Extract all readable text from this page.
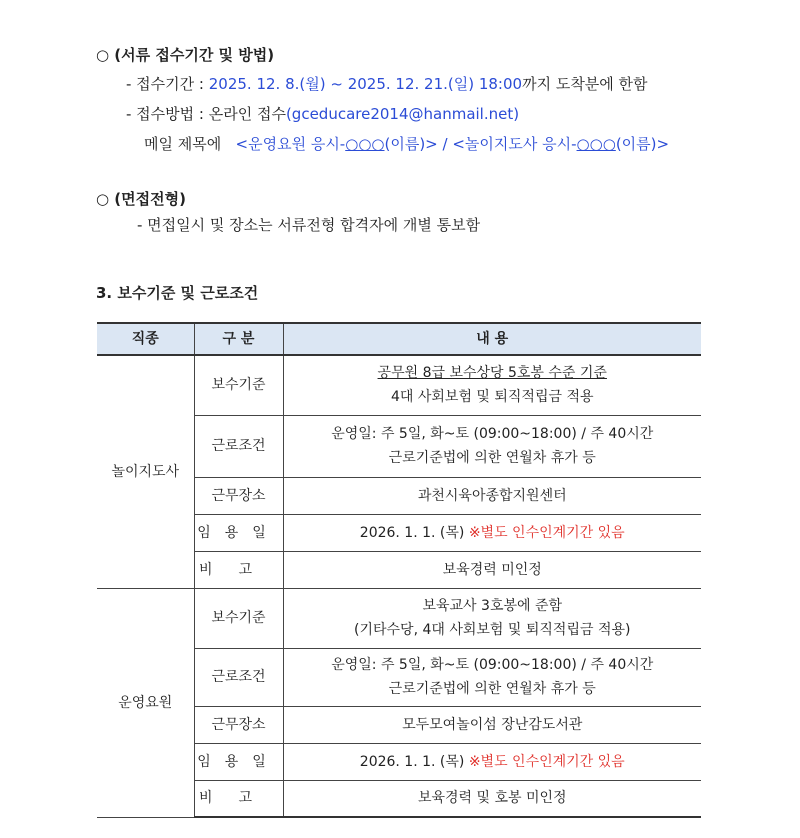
○ (서류 접수기간 및 방법)
- 접수기간 : 2025. 12. 8.(월) ~ 2025. 12. 21.(일) 18:00까지 도착분에 한함
- 접수방법 : 온라인 접수(gceducare2014@hanmail.net)
메일 제목에 <운영요원 응시-○○○(이름)> / <놀이지도사 응시-○○○(이름)>
○ (면접전형)
- 면접일시 및 장소는 서류전형 합격자에 개별 통보함
3. 보수기준 및 근로조건
직종	구 분	내 용
놀이지도사	보수기준	공무원 8급 보수상당 5호봉 수준 기준
4대 사회보험 및 퇴직적립금 적용

	근로조건	운영일: 주 5일, 화~토 (09:00~18:00) / 주 40시간
근로기준법에 의한 연월차 휴가 등

	근무장소	과천시육아종합지원센터
	임용일	2026. 1. 1. (목) ※별도 인수인계기간 있음
	비고	보육경력 미인정
운영요원	보수기준	보육교사 3호봉에 준함
(기타수당, 4대 사회보험 및 퇴직적립금 적용)

	근로조건	운영일: 주 5일, 화~토 (09:00~18:00) / 주 40시간
근로기준법에 의한 연월차 휴가 등

	근무장소	모두모여놀이섬 장난감도서관
	임용일	2026. 1. 1. (목) ※별도 인수인계기간 있음
	비고	보육경력 및 호봉 미인정
